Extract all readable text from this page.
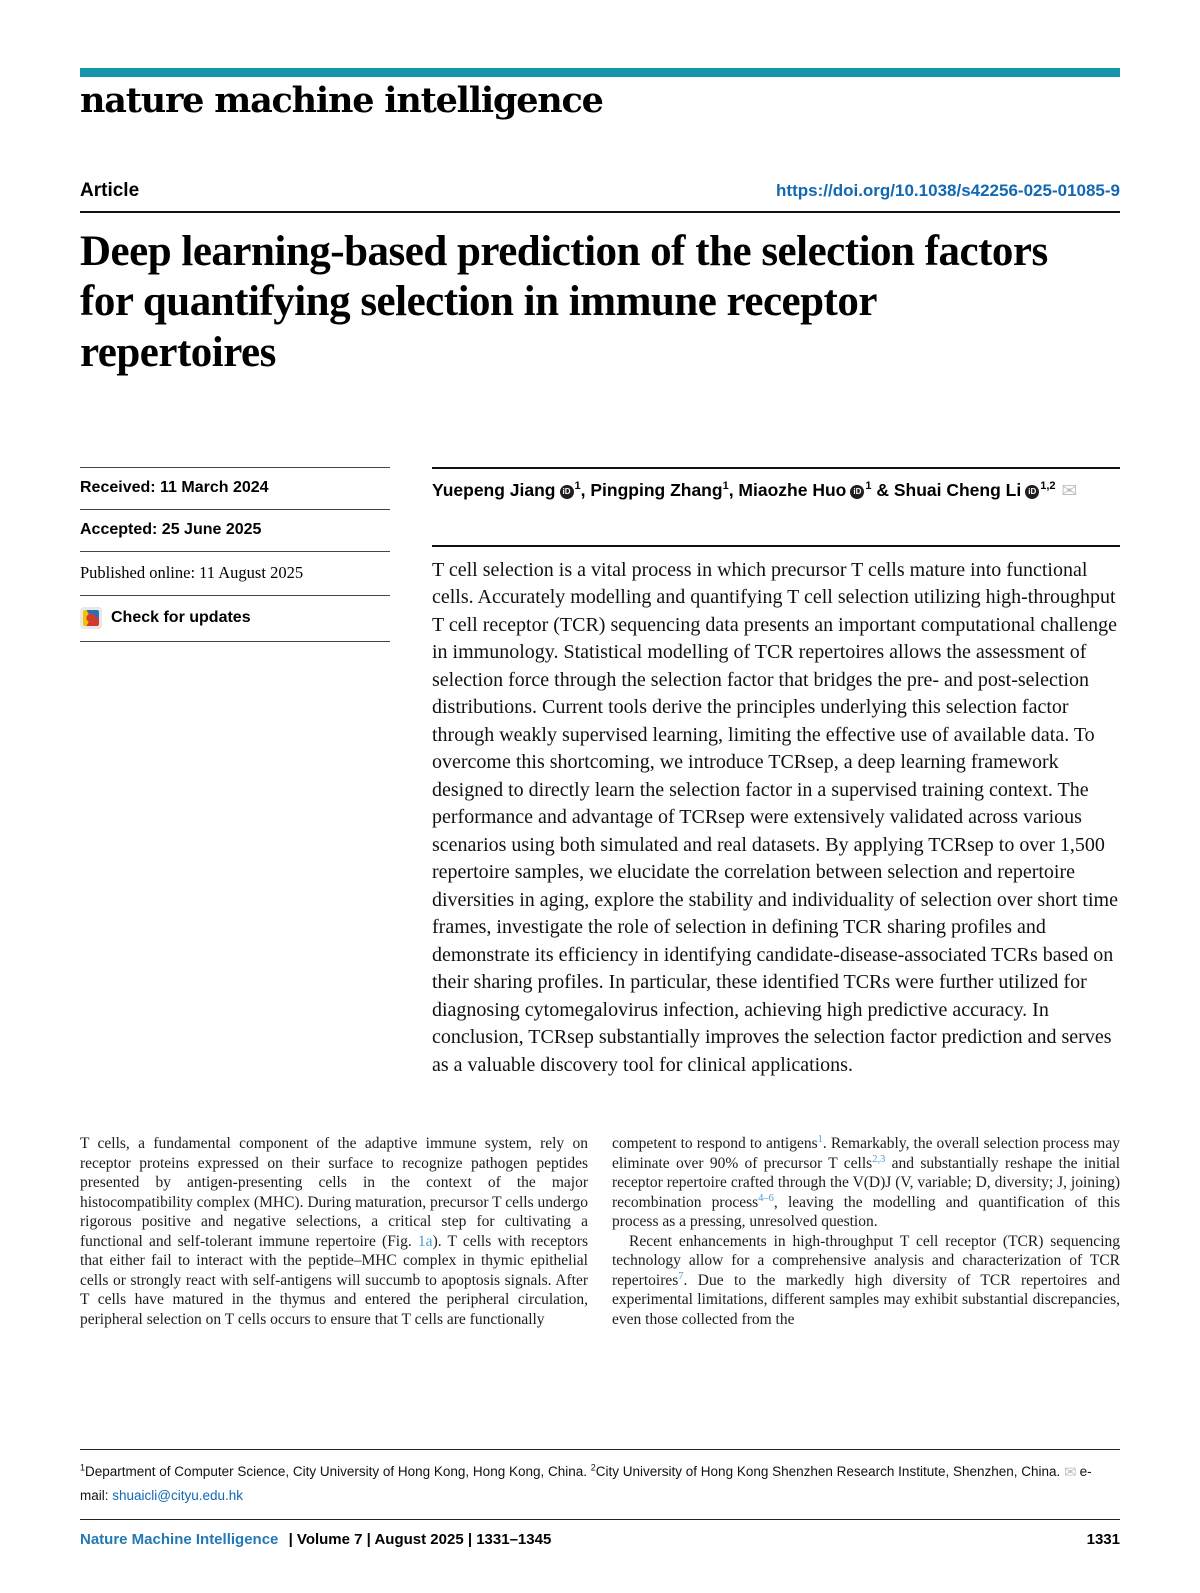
nature machine intelligence
Article	https://doi.org/10.1038/s42256-025-01085-9
Deep learning-based prediction of the selection factors for quantifying selection in immune receptor repertoires
Received: 11 March 2024
Accepted: 25 June 2025
Published online: 11 August 2025
Check for updates
Yuepeng Jiang iD $^1$, Pingping Zhang$^1$, Miaozhe Huo iD $^1$ & Shuai Cheng Li iD $^{1,2}$ ✉

T cell selection is a vital process in which precursor T cells mature into functional cells. Accurately modelling and quantifying T cell selection utilizing high-throughput T cell receptor (TCR) sequencing data presents an important computational challenge in immunology. Statistical modelling of TCR repertoires allows the assessment of selection force through the selection factor that bridges the pre- and post-selection distributions. Current tools derive the principles underlying this selection factor through weakly supervised learning, limiting the effective use of available data. To overcome this shortcoming, we introduce TCRsep, a deep learning framework designed to directly learn the selection factor in a supervised training context. The performance and advantage of TCRsep were extensively validated across various scenarios using both simulated and real datasets. By applying TCRsep to over 1,500 repertoire samples, we elucidate the correlation between selection and repertoire diversities in aging, explore the stability and individuality of selection over short time frames, investigate the role of selection in defining TCR sharing profiles and demonstrate its efficiency in identifying candidate-disease-associated TCRs based on their sharing profiles. In particular, these identified TCRs were further utilized for diagnosing cytomegalovirus infection, achieving high predictive accuracy. In conclusion, TCRsep substantially improves the selection factor prediction and serves as a valuable discovery tool for clinical applications.

T cells, a fundamental component of the adaptive immune system, rely on receptor proteins expressed on their surface to recognize pathogen peptides presented by antigen-presenting cells in the context of the major histocompatibility complex (MHC). During maturation, precursor T cells undergo rigorous positive and negative selections, a critical step for cultivating a functional and self-tolerant immune repertoire (Fig. 1a). T cells with receptors that either fail to interact with the peptide–MHC complex in thymic epithelial cells or strongly react with self-antigens will succumb to apoptosis signals. After T cells have matured in the thymus and entered the peripheral circulation, peripheral selection on T cells occurs to ensure that T cells are functionally

competent to respond to antigens$^1$. Remarkably, the overall selection process may eliminate over 90% of precursor T cells$^{2,3}$ and substantially reshape the initial receptor repertoire crafted through the V(D)J (V, variable; D, diversity; J, joining) recombination process$^{4-6}$, leaving the modelling and quantification of this process as a pressing, unresolved question.

Recent enhancements in high-throughput T cell receptor (TCR) sequencing technology allow for a comprehensive analysis and characterization of TCR repertoires$^7$. Due to the markedly high diversity of TCR repertoires and experimental limitations, different samples may exhibit substantial discrepancies, even those collected from the

$^1$Department of Computer Science, City University of Hong Kong, Hong Kong, China. $^2$City University of Hong Kong Shenzhen Research Institute, Shenzhen, China. ✉ e-mail: shuaicli@cityu.edu.hk

Nature Machine Intelligence | Volume 7 | August 2025 | 1331–1345	1331
